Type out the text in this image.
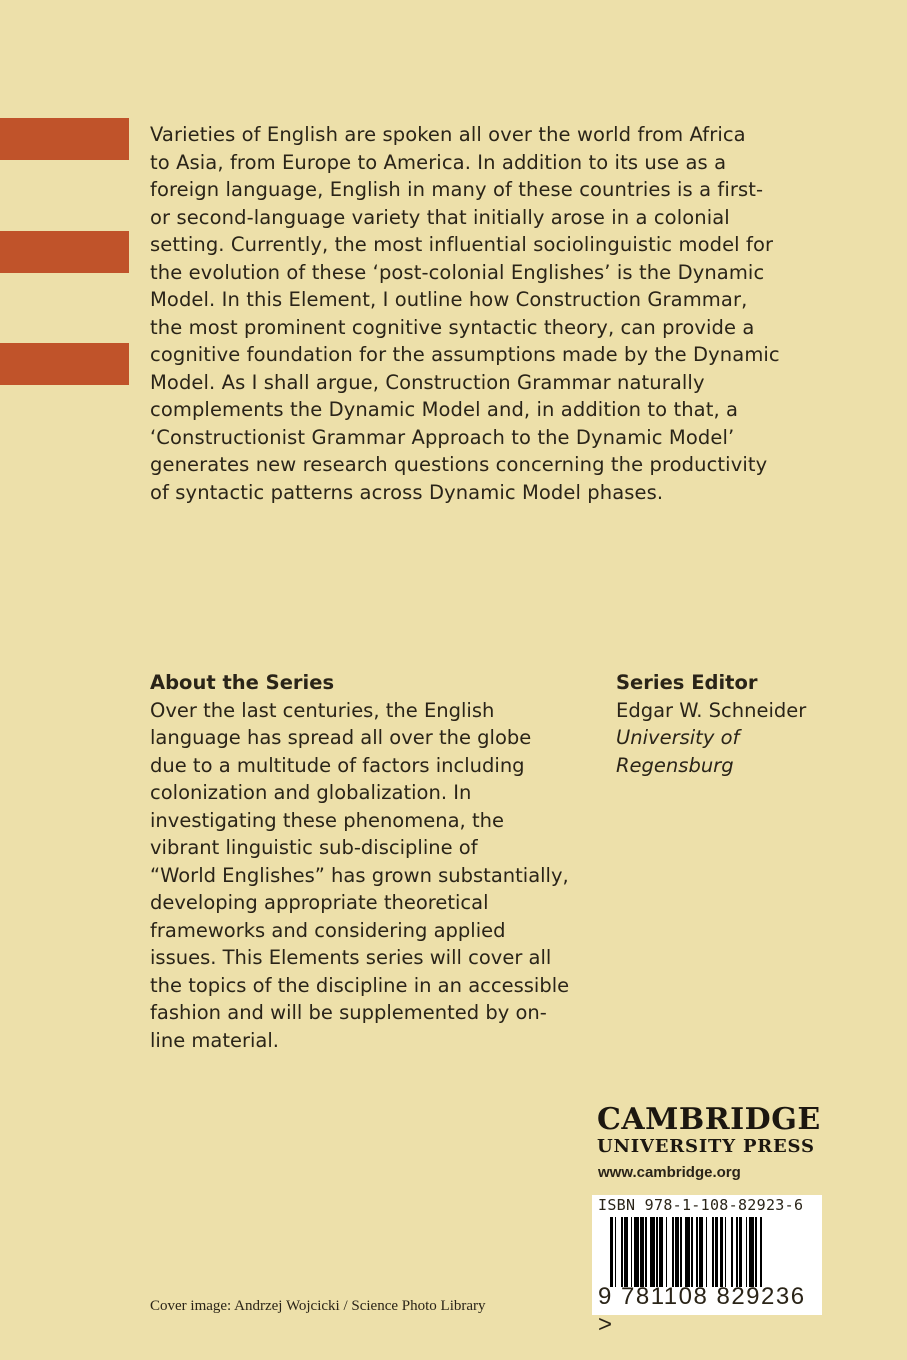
Varieties of English are spoken all over the world from Africa
to Asia, from Europe to America. In addition to its use as a
foreign language, English in many of these countries is a first-
or second-language variety that initially arose in a colonial
setting. Currently, the most influential sociolinguistic model for
the evolution of these ‘post-colonial Englishes’ is the Dynamic
Model. In this Element, I outline how Construction Grammar,
the most prominent cognitive syntactic theory, can provide a
cognitive foundation for the assumptions made by the Dynamic
Model. As I shall argue, Construction Grammar naturally
complements the Dynamic Model and, in addition to that, a
‘Constructionist Grammar Approach to the Dynamic Model’
generates new research questions concerning the productivity
of syntactic patterns across Dynamic Model phases.
About the Series
Over the last centuries, the English
language has spread all over the globe
due to a multitude of factors including
colonization and globalization. In
investigating these phenomena, the
vibrant linguistic sub-discipline of
“World Englishes” has grown substantially,
developing appropriate theoretical
frameworks and considering applied
issues. This Elements series will cover all
the topics of the discipline in an accessible
fashion and will be supplemented by on-
line material.
Series Editor
Edgar W. Schneider
University of
Regensburg
CAMBRIDGE
UNIVERSITY PRESS
www.cambridge.org
ISBN 978-1-108-82923-6
9 781108 829236 >
Cover image: Andrzej Wojcicki / Science Photo Library
